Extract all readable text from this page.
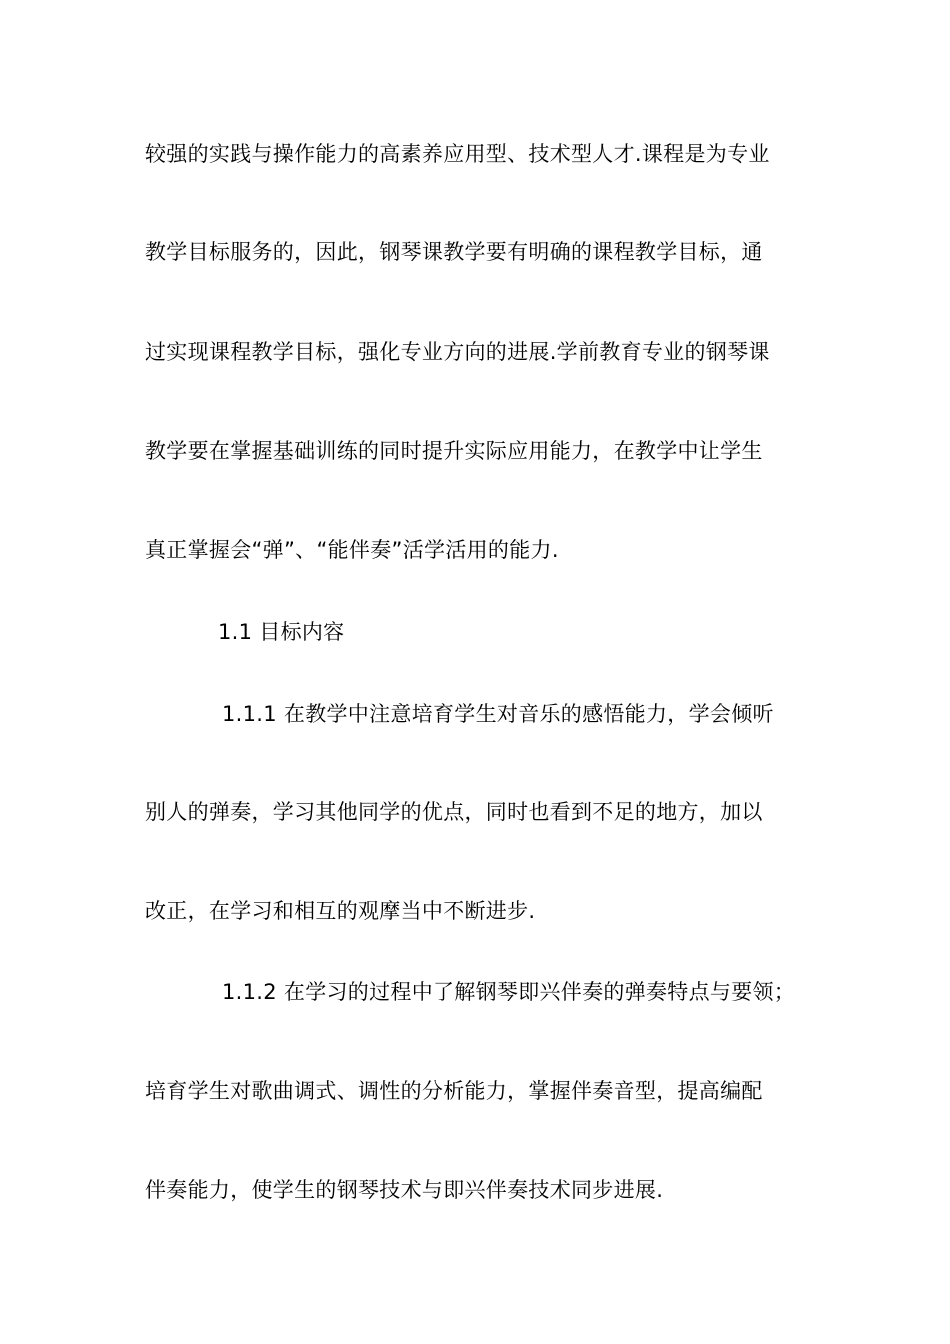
较强的实践与操作能力的高素养应用型、技术型人才.课程是为专业
教学目标服务的，因此，钢琴课教学要有明确的课程教学目标，通
过实现课程教学目标，强化专业方向的进展.学前教育专业的钢琴课
教学要在掌握基础训练的同时提升实际应用能力，在教学中让学生
真正掌握会“弹”、“能伴奏”活学活用的能力.
1.1 目标内容
1.1.1 在教学中注意培育学生对音乐的感悟能力，学会倾听
别人的弹奏，学习其他同学的优点，同时也看到不足的地方，加以
改正，在学习和相互的观摩当中不断进步.
1.1.2 在学习的过程中了解钢琴即兴伴奏的弹奏特点与要领；
培育学生对歌曲调式、调性的分析能力，掌握伴奏音型，提高编配
伴奏能力，使学生的钢琴技术与即兴伴奏技术同步进展.
